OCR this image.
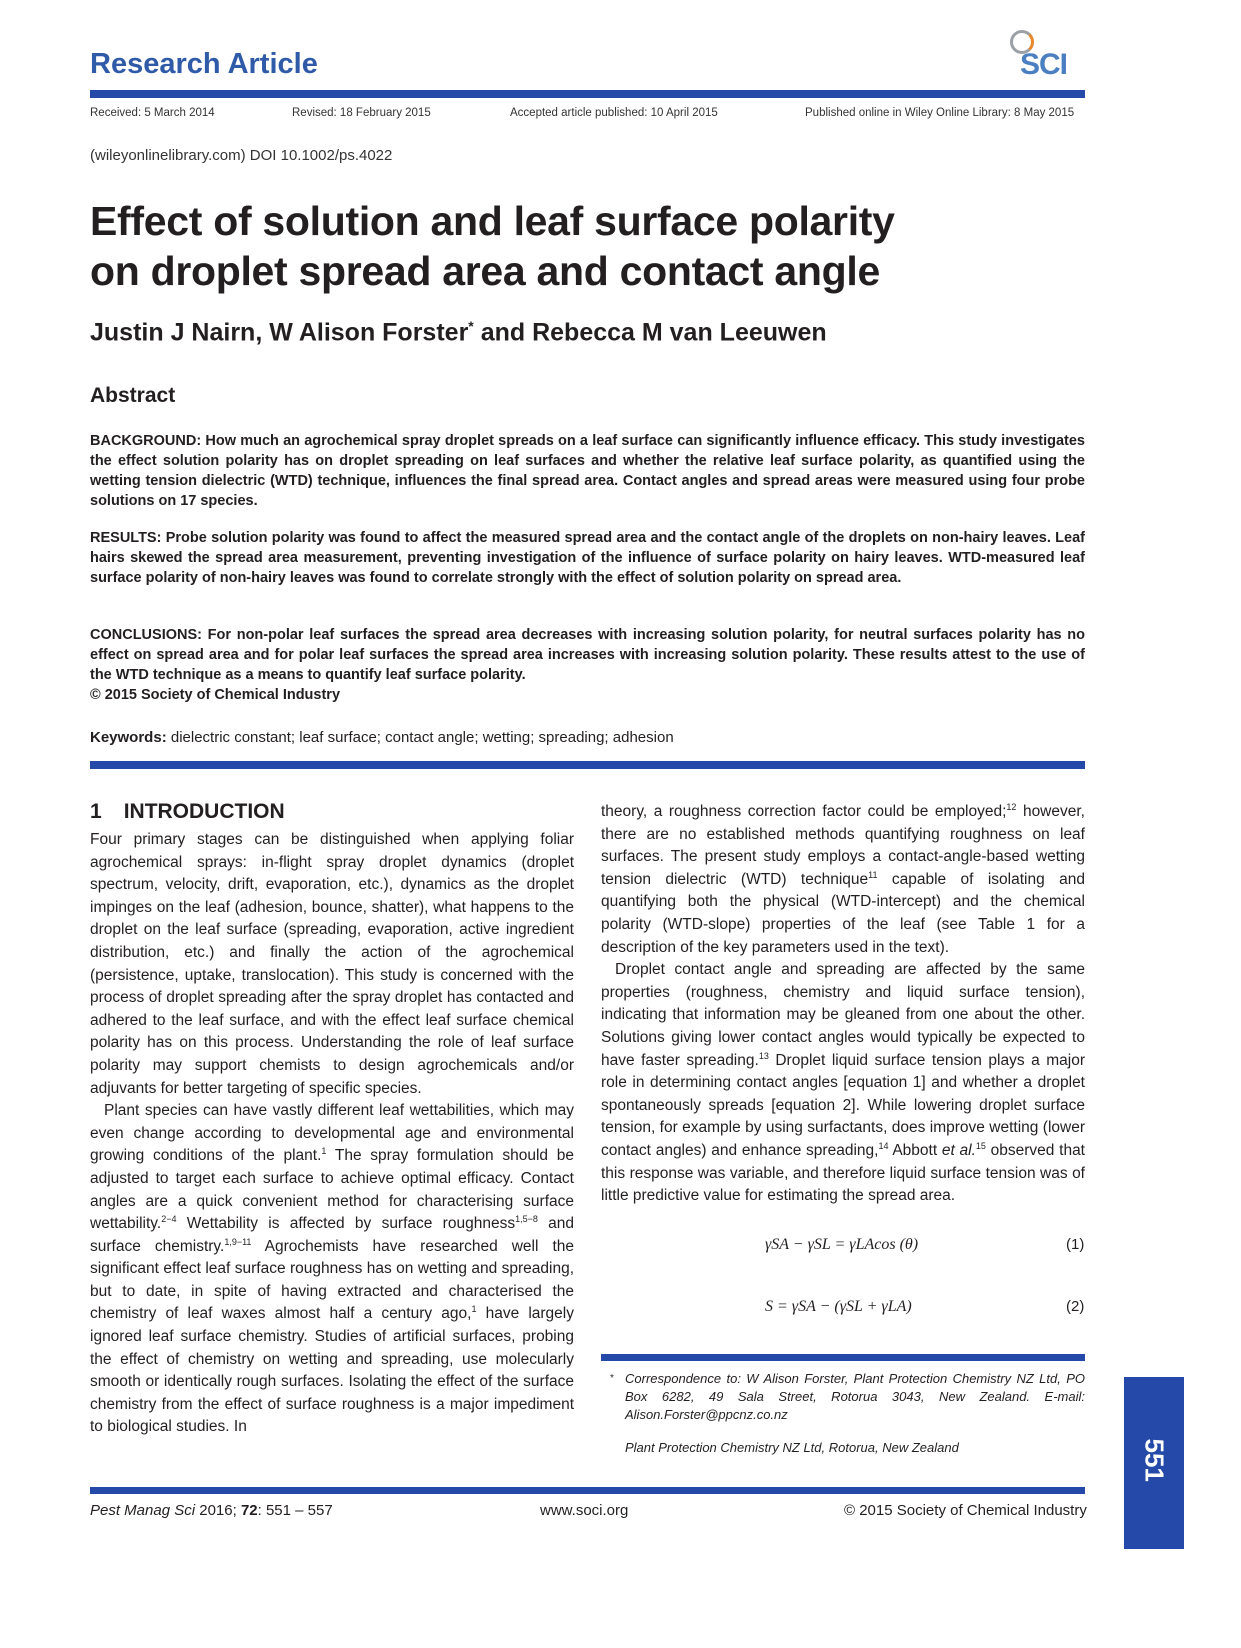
Research Article	SCI
Received: 5 March 2014	Revised: 18 February 2015	Accepted article published: 10 April 2015	Published online in Wiley Online Library: 8 May 2015
(wileyonlinelibrary.com) DOI 10.1002/ps.4022
Effect of solution and leaf surface polarity
on droplet spread area and contact angle
Justin J Nairn, W Alison Forster* and Rebecca M van Leeuwen
Abstract
BACKGROUND: How much an agrochemical spray droplet spreads on a leaf surface can significantly influence efficacy. This study investigates the effect solution polarity has on droplet spreading on leaf surfaces and whether the relative leaf surface polarity, as quantified using the wetting tension dielectric (WTD) technique, influences the final spread area. Contact angles and spread areas were measured using four probe solutions on 17 species.
RESULTS: Probe solution polarity was found to affect the measured spread area and the contact angle of the droplets on non-hairy leaves. Leaf hairs skewed the spread area measurement, preventing investigation of the influence of surface polarity on hairy leaves. WTD-measured leaf surface polarity of non-hairy leaves was found to correlate strongly with the effect of solution polarity on spread area.
CONCLUSIONS: For non-polar leaf surfaces the spread area decreases with increasing solution polarity, for neutral surfaces polarity has no effect on spread area and for polar leaf surfaces the spread area increases with increasing solution polarity. These results attest to the use of the WTD technique as a means to quantify leaf surface polarity.
© 2015 Society of Chemical Industry
Keywords: dielectric constant; leaf surface; contact angle; wetting; spreading; adhesion
1 INTRODUCTION

Four primary stages can be distinguished when applying foliar agrochemical sprays: in-flight spray droplet dynamics (droplet spectrum, velocity, drift, evaporation, etc.), dynamics as the droplet impinges on the leaf (adhesion, bounce, shatter), what happens to the droplet on the leaf surface (spreading, evaporation, active ingredient distribution, etc.) and finally the action of the agrochemical (persistence, uptake, translocation). This study is concerned with the process of droplet spreading after the spray droplet has contacted and adhered to the leaf surface, and with the effect leaf surface chemical polarity has on this process. Understanding the role of leaf surface polarity may support chemists to design agrochemicals and/or adjuvants for better targeting of specific species.

Plant species can have vastly different leaf wettabilities, which may even change according to developmental age and environmental growing conditions of the plant.$^1$ The spray formulation should be adjusted to target each surface to achieve optimal efficacy. Contact angles are a quick convenient method for characterising surface wettability.$^{2-4}$ Wettability is affected by surface roughness$^{1,5-8}$ and surface chemistry.$^{1,9-11}$ Agrochemists have researched well the significant effect leaf surface roughness has on wetting and spreading, but to date, in spite of having extracted and characterised the chemistry of leaf waxes almost half a century ago,$^1$ have largely ignored leaf surface chemistry. Studies of artificial surfaces, probing the effect of chemistry on wetting and spreading, use molecularly smooth or identically rough surfaces. Isolating the effect of the surface chemistry from the effect of surface roughness is a major impediment to biological studies. In

theory, a roughness correction factor could be employed;$^{12}$ however, there are no established methods quantifying roughness on leaf surfaces. The present study employs a contact-angle-based wetting tension dielectric (WTD) technique$^{11}$ capable of isolating and quantifying both the physical (WTD-intercept) and the chemical polarity (WTD-slope) properties of the leaf (see Table 1 for a description of the key parameters used in the text).

Droplet contact angle and spreading are affected by the same properties (roughness, chemistry and liquid surface tension), indicating that information may be gleaned from one about the other. Solutions giving lower contact angles would typically be expected to have faster spreading.$^{13}$ Droplet liquid surface tension plays a major role in determining contact angles [equation 1] and whether a droplet spontaneously spreads [equation 2]. While lowering droplet surface tension, for example by using surfactants, does improve wetting (lower contact angles) and enhance spreading,$^{14}$ Abbott et al.$^{15}$ observed that this response was variable, and therefore liquid surface tension was of little predictive value for estimating the spread area.

γSA − γSL = γLAcos (θ)	(1)
S = γSA − (γSL + γLA)	(2)
* Correspondence to: W Alison Forster, Plant Protection Chemistry NZ Ltd, PO Box 6282, 49 Sala Street, Rotorua 3043, New Zealand. E-mail: Alison.Forster@ppcnz.co.nz
Plant Protection Chemistry NZ Ltd, Rotorua, New Zealand	551
Pest Manag Sci 2016; 72: 551 – 557	www.soci.org	© 2015 Society of Chemical Industry
